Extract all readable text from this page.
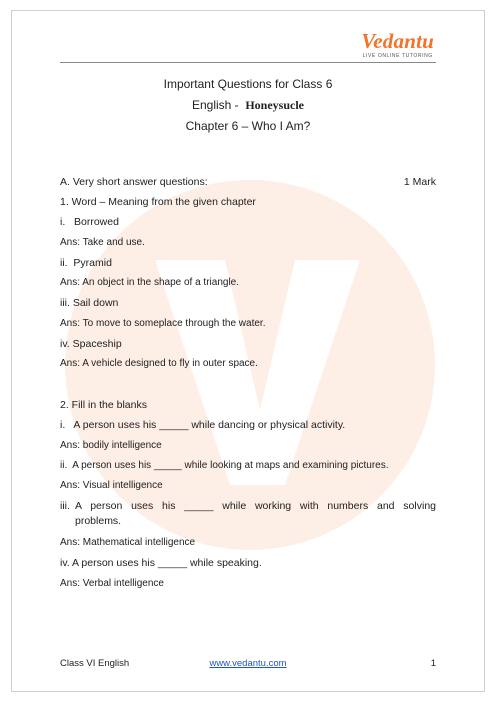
Vedantu
LIVE ONLINE TUTORING
Important Questions for Class 6
English - Honeysucle
Chapter 6 – Who I Am?
A. Very short answer questions:	1 Mark
1. Word – Meaning from the given chapter
i.   Borrowed
Ans: Take and use.
ii.  Pyramid
Ans: An object in the shape of a triangle.
iii. Sail down
Ans: To move to someplace through the water.
iv. Spaceship
Ans: A vehicle designed to fly in outer space.
2. Fill in the blanks
i.   A person uses his _____ while dancing or physical activity.
Ans: bodily intelligence
ii.  A person uses his _____ while looking at maps and examining pictures.
Ans: Visual intelligence
iii. A person uses his _____ while working with numbers and solving
problems.
Ans: Mathematical intelligence
iv. A person uses his _____ while speaking.
Ans: Verbal intelligence
Class VI English	www.vedantu.com	1
